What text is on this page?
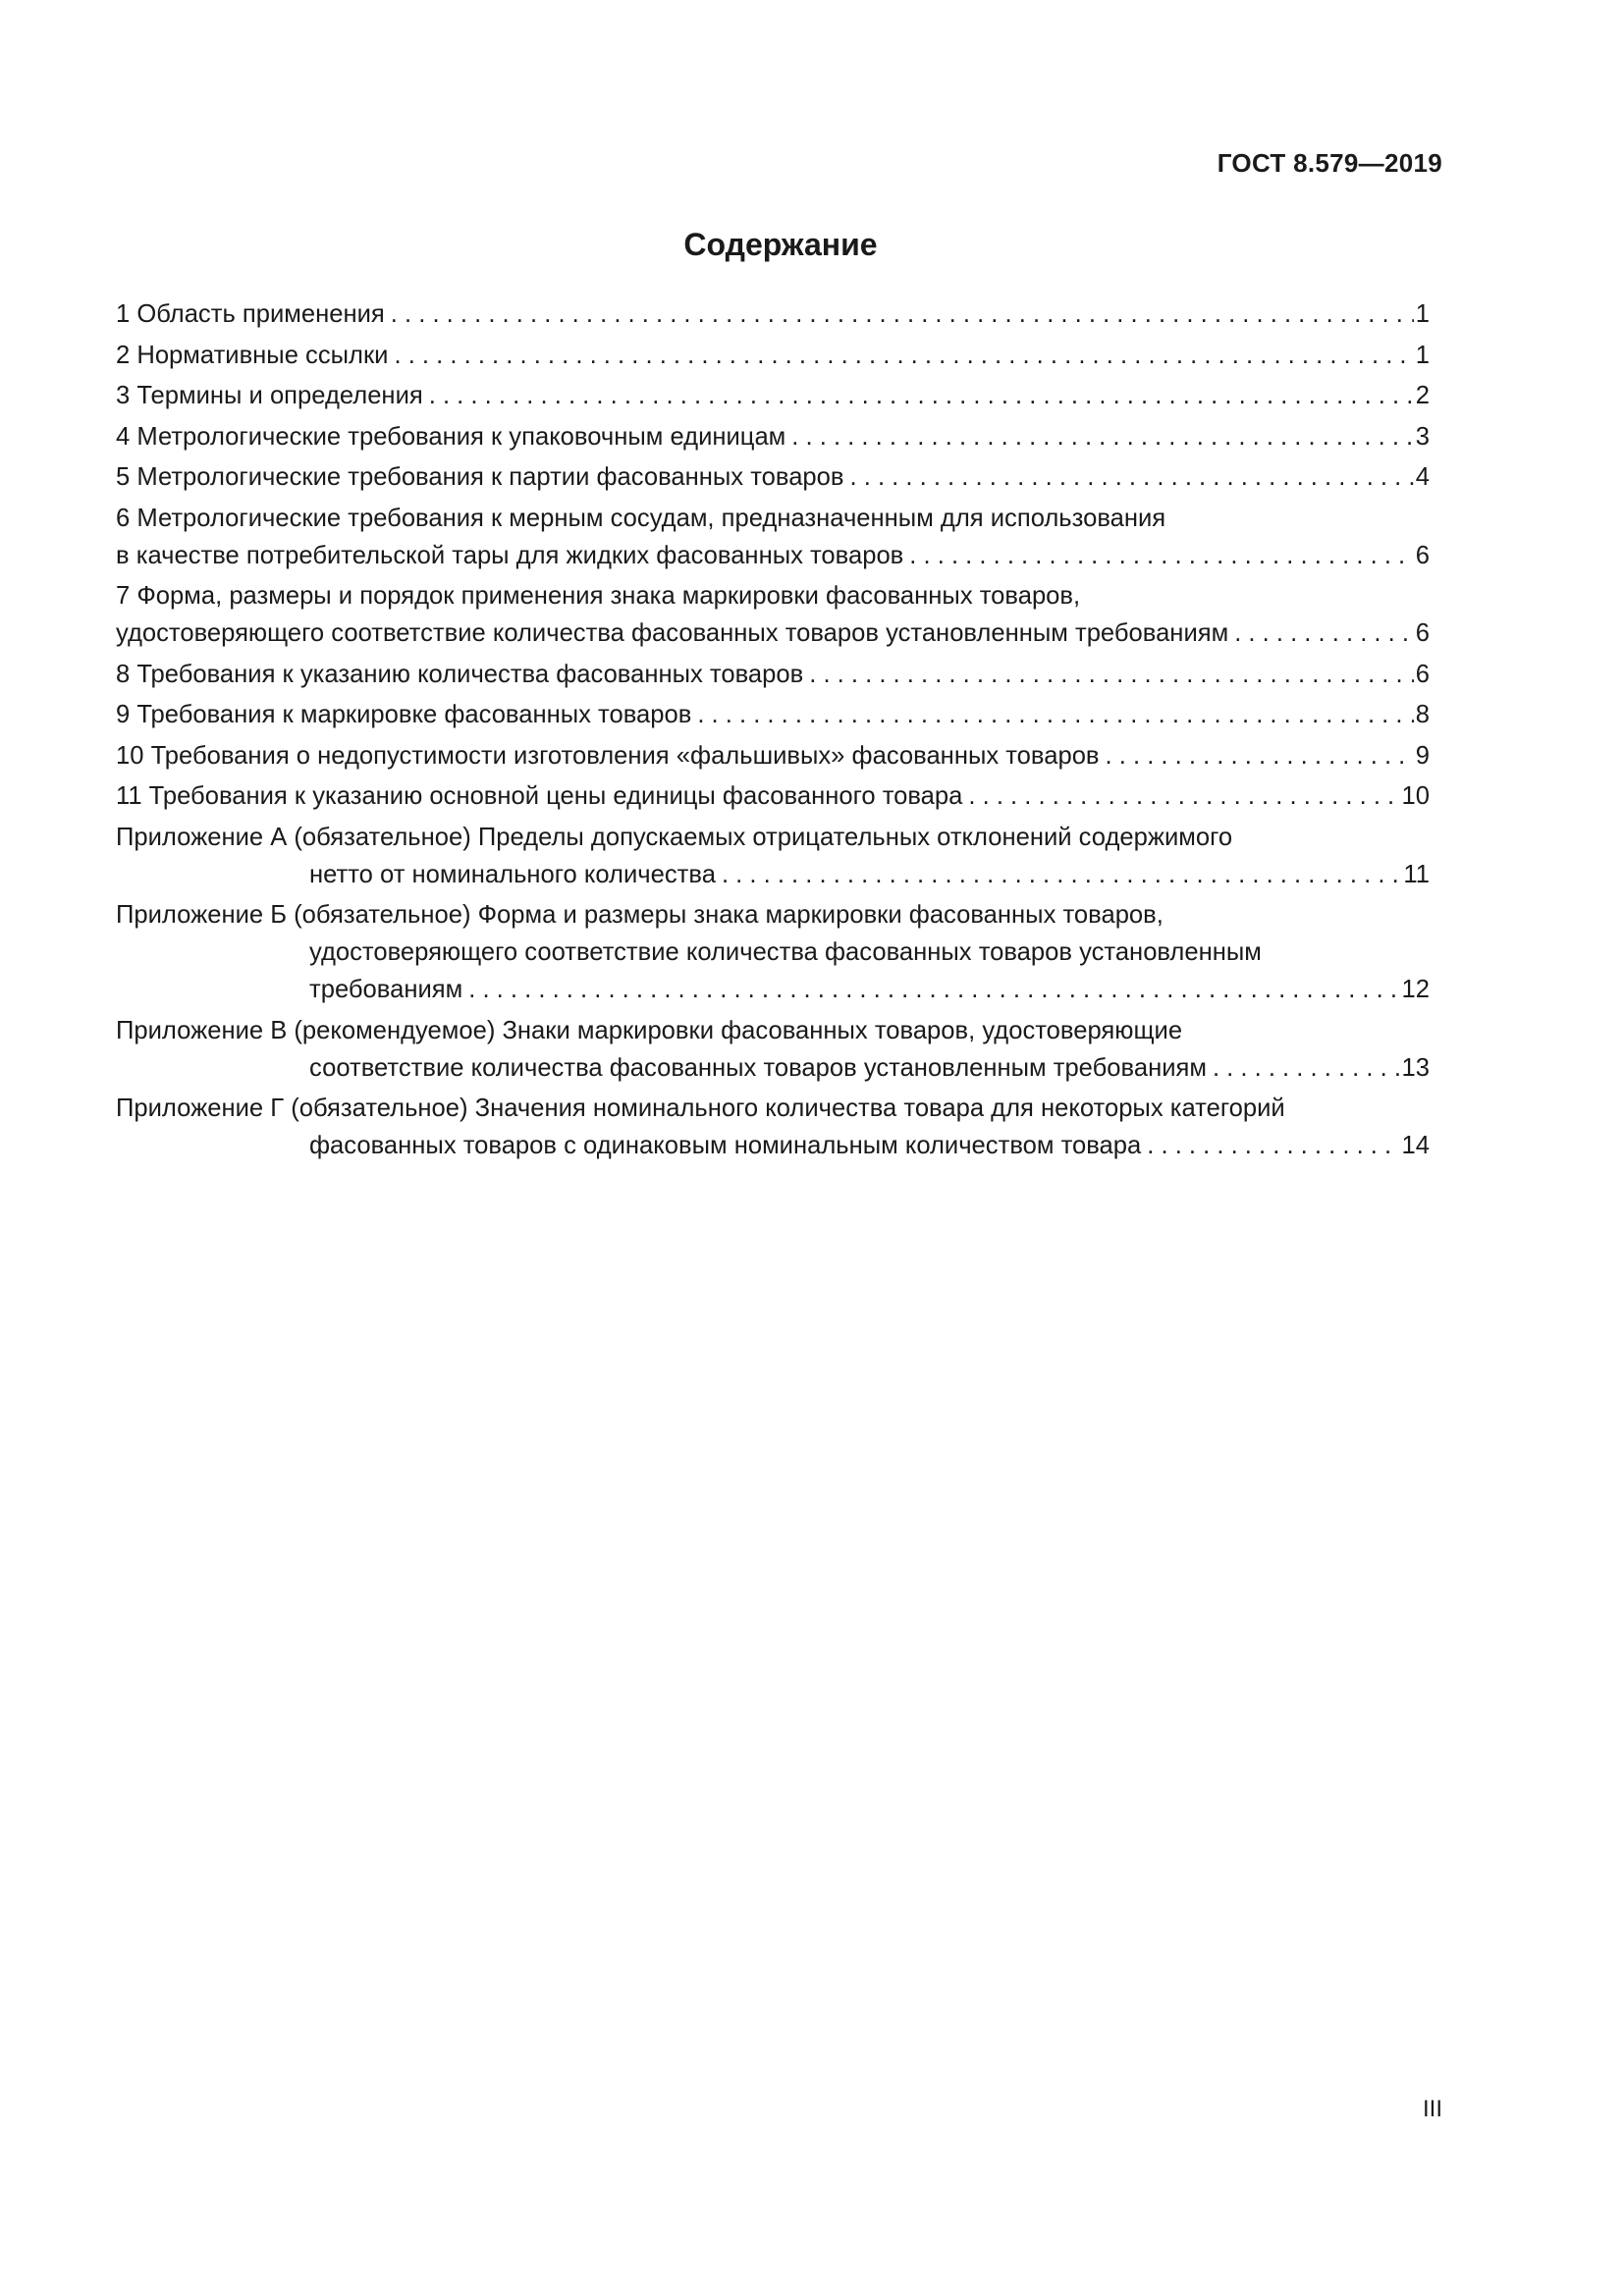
ГОСТ 8.579—2019
Содержание
1 Область применения . . .	1
2 Нормативные ссылки . . .	1
3 Термины и определения . . .	2
4 Метрологические требования к упаковочным единицам . . .	3
5 Метрологические требования к партии фасованных товаров . . .	4
6 Метрологические требования к мерным сосудам, предназначенным для использования
в качестве потребительской тары для жидких фасованных товаров . . .	6
7 Форма, размеры и порядок применения знака маркировки фасованных товаров,
удостоверяющего соответствие количества фасованных товаров установленным требованиям . . .	6
8 Требования к указанию количества фасованных товаров . . .	6
9 Требования к маркировке фасованных товаров . . .	8
10 Требования о недопустимости изготовления «фальшивых» фасованных товаров . . .	9
11 Требования к указанию основной цены единицы фасованного товара . . .	10
Приложение А (обязательное) Пределы допускаемых отрицательных отклонений содержимого
нетто от номинального количества . . .	11
Приложение Б (обязательное) Форма и размеры знака маркировки фасованных товаров,
удостоверяющего соответствие количества фасованных товаров установленным
требованиям . . .	12
Приложение В (рекомендуемое) Знаки маркировки фасованных товаров, удостоверяющие
соответствие количества фасованных товаров установленным требованиям . . .	13
Приложение Г (обязательное) Значения номинального количества товара для некоторых категорий
фасованных товаров с одинаковым номинальным количеством товара . . .	14
III
